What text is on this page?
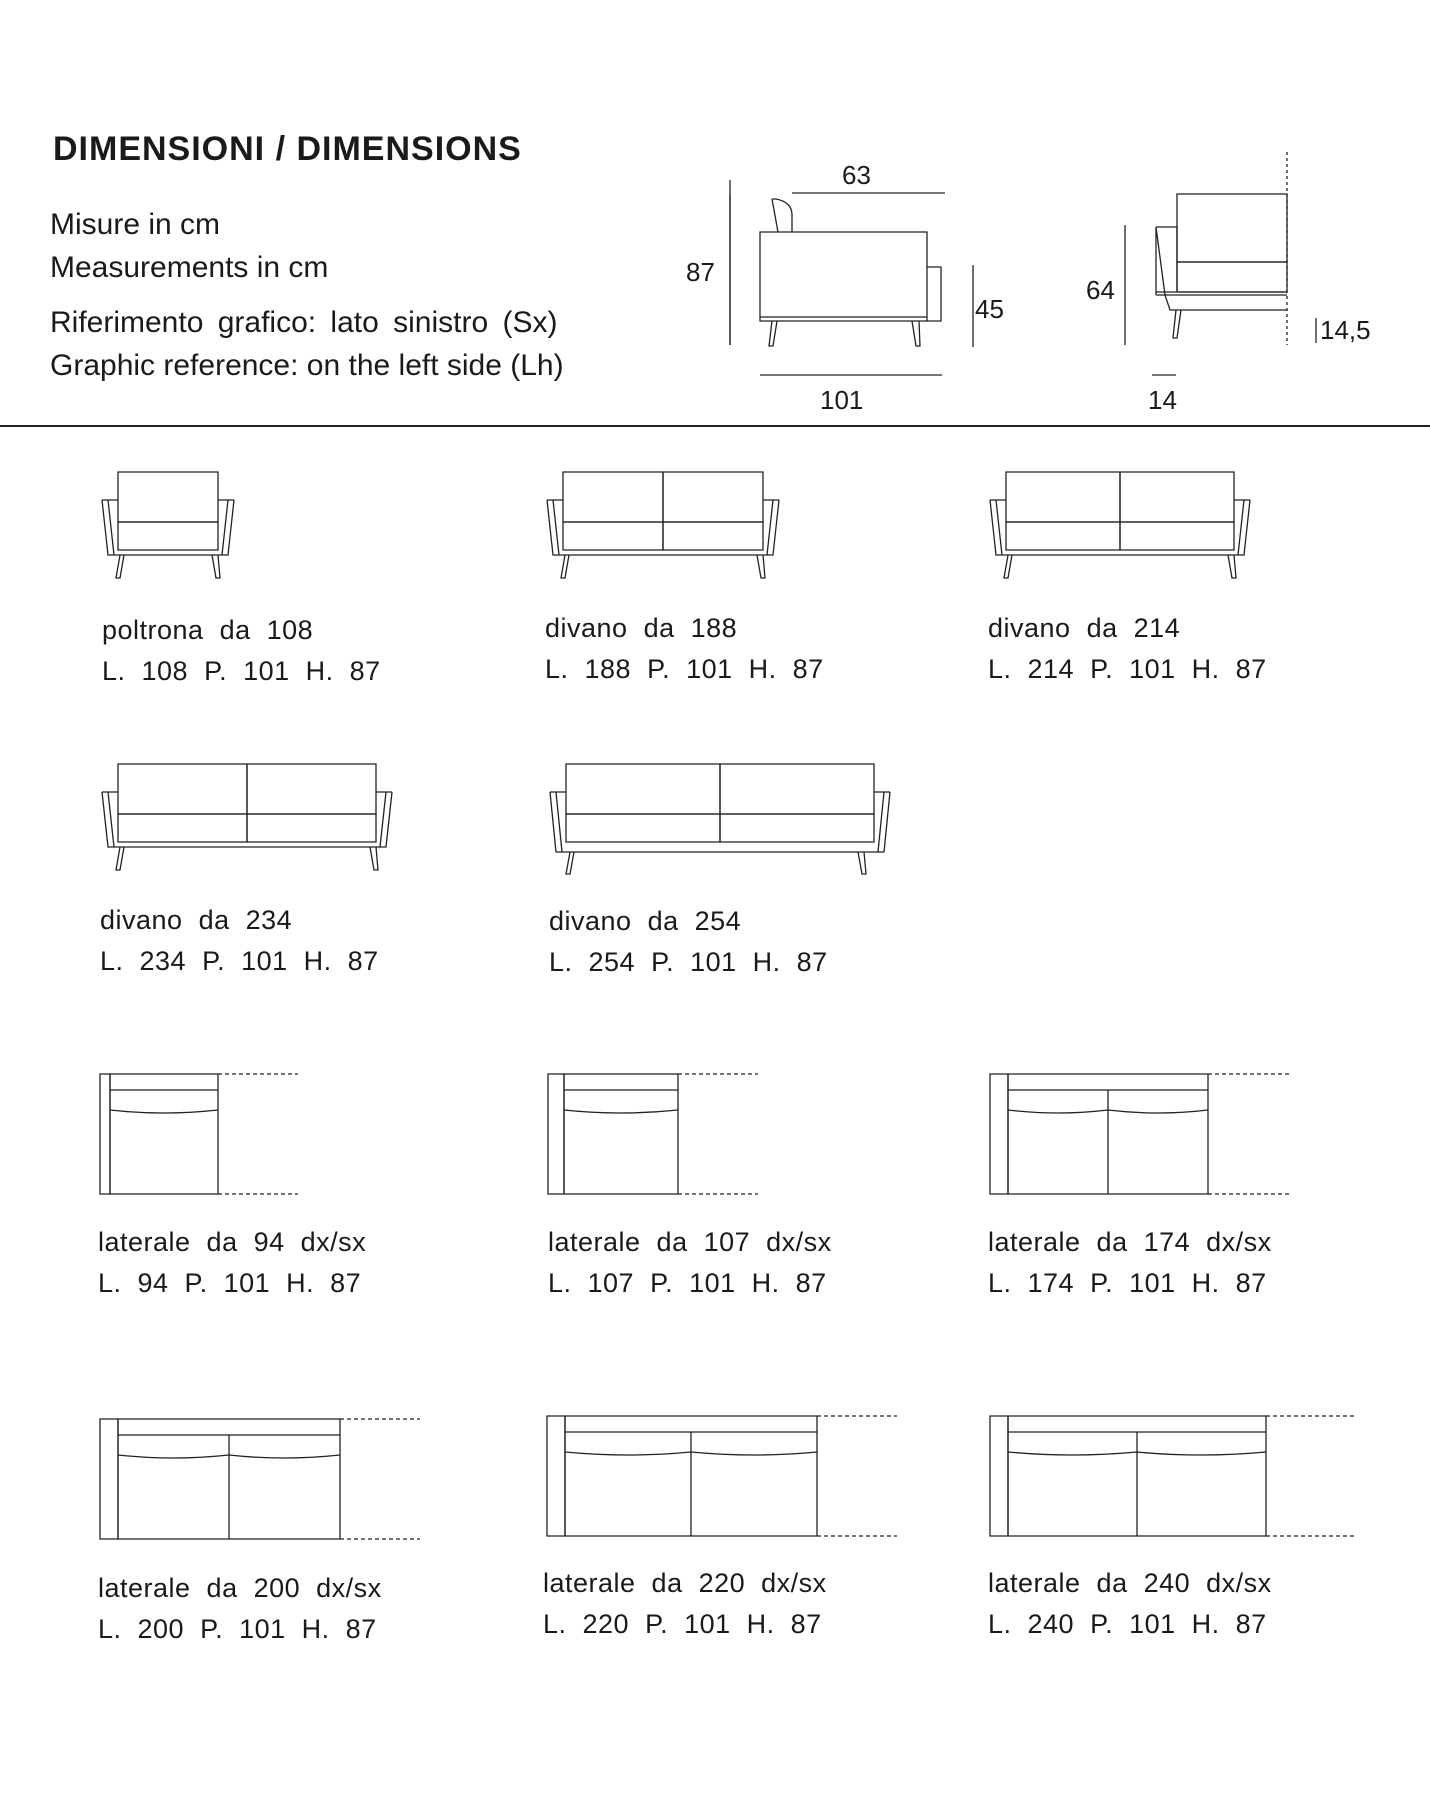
DIMENSIONI / DIMENSIONS

Misure in cm

Measurements in cm

Riferimento grafico: lato sinistro (Sx)

Graphic reference: on the left side (Lh)

63
87
45
101
64
14,5
14
poltrona da 108
L. 108 P. 101 H. 87
divano da 188
L. 188 P. 101 H. 87
divano da 214
L. 214 P. 101 H. 87
divano da 234
L. 234 P. 101 H. 87
divano da 254
L. 254 P. 101 H. 87
laterale da 94 dx/sx
L. 94 P. 101 H. 87
laterale da 107 dx/sx
L. 107 P. 101 H. 87
laterale da 174 dx/sx
L. 174 P. 101 H. 87
laterale da 200 dx/sx
L. 200 P. 101 H. 87
laterale da 220 dx/sx
L. 220 P. 101 H. 87
laterale da 240 dx/sx
L. 240 P. 101 H. 87
